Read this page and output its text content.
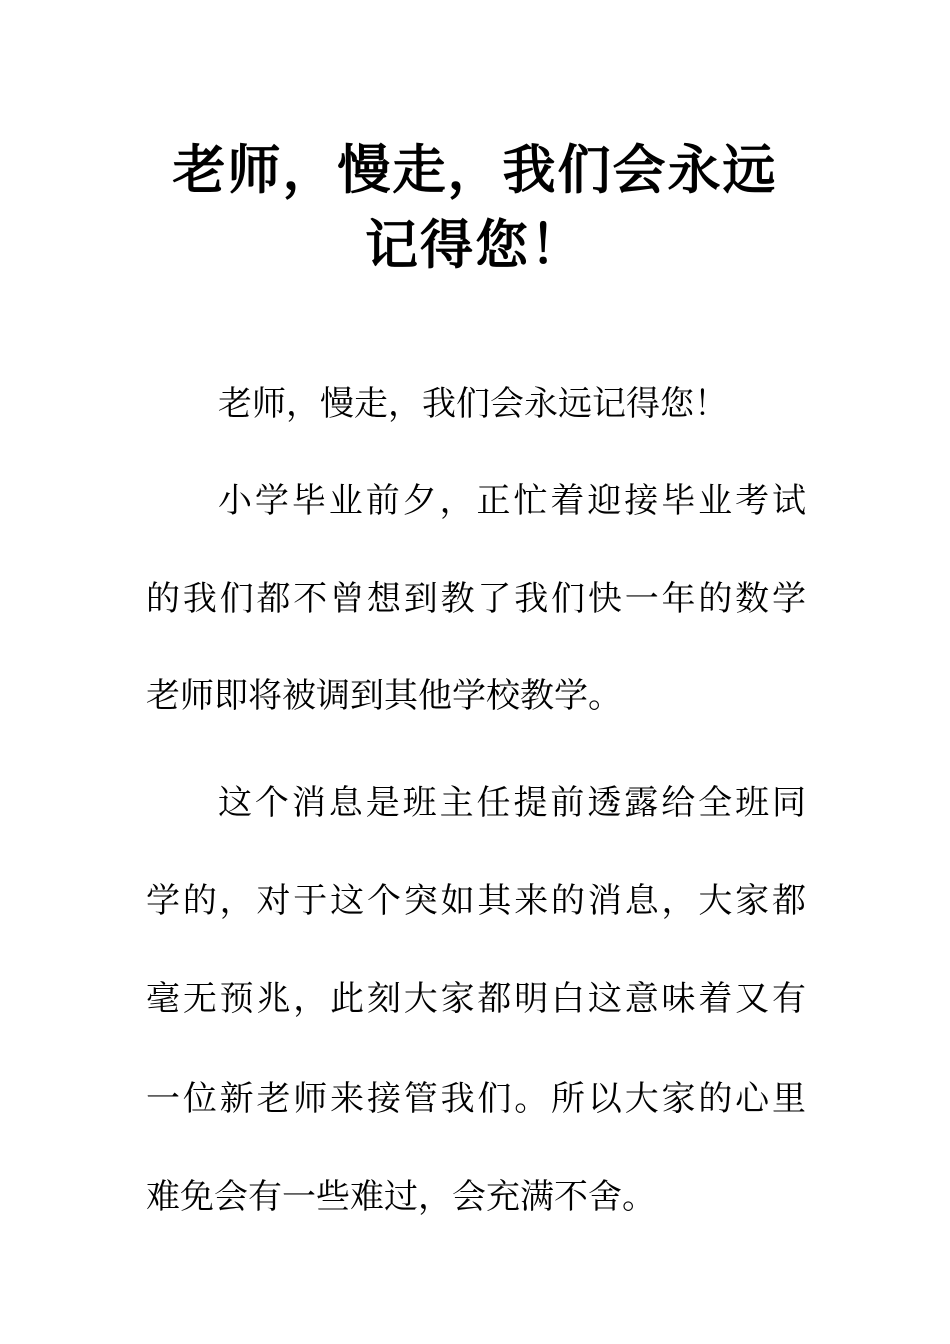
老师，慢走，我们会永远
记得您！
老师，慢走，我们会永远记得您！
小学毕业前夕，正忙着迎接毕业考试
的我们都不曾想到教了我们快一年的数学
老师即将被调到其他学校教学。
这个消息是班主任提前透露给全班同
学的，对于这个突如其来的消息，大家都
毫无预兆，此刻大家都明白这意味着又有
一位新老师来接管我们。所以大家的心里
难免会有一些难过，会充满不舍。
